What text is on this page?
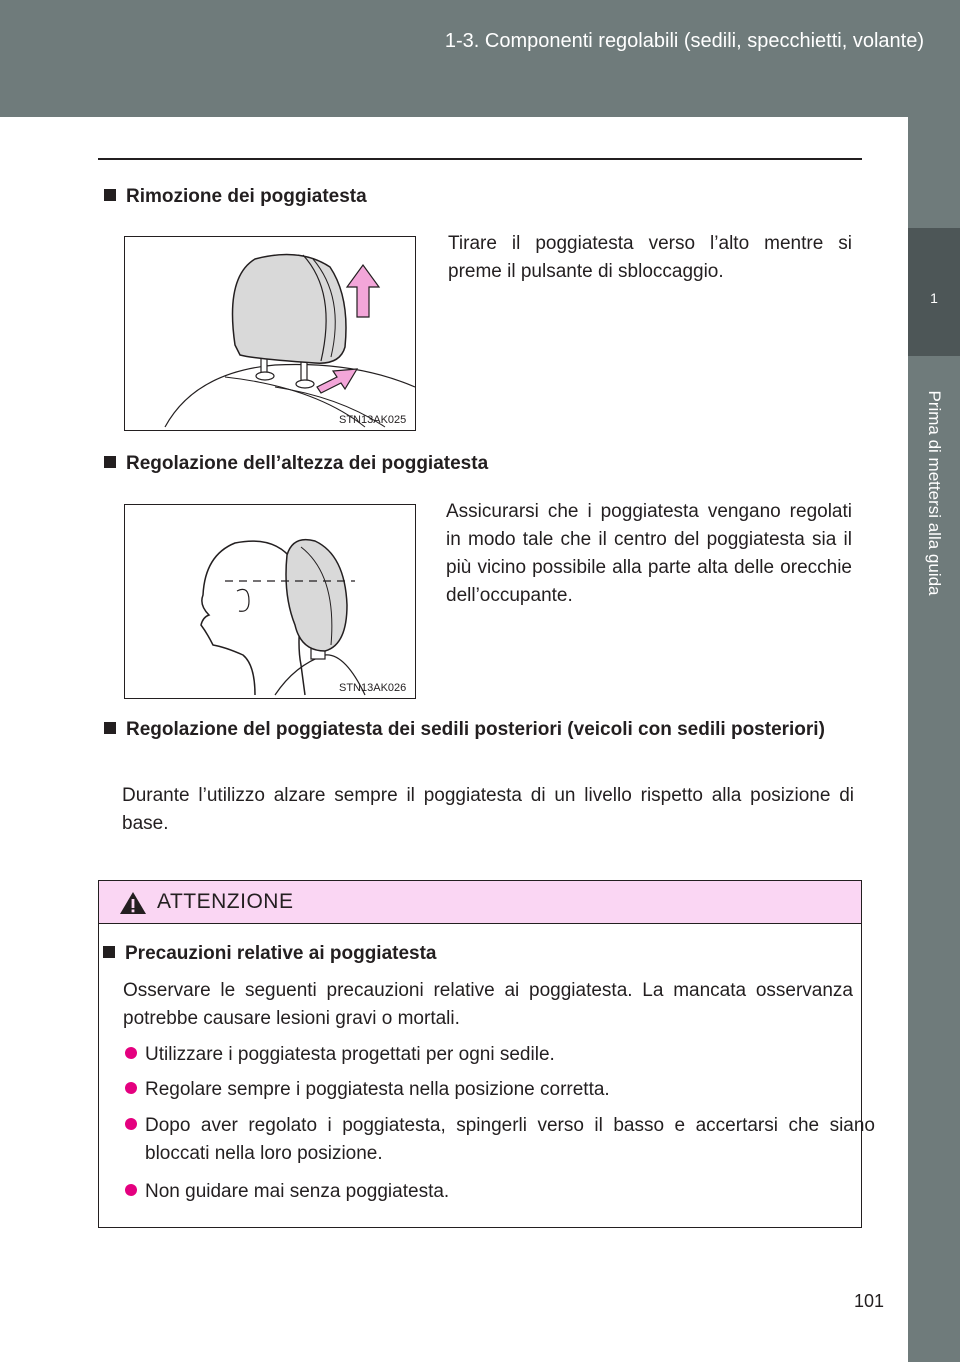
1-3. Componenti regolabili (sedili, specchietti, volante)
1
Prima di mettersi alla guida
Rimozione dei poggiatesta
STN13AK025
Tirare il poggiatesta verso l’alto mentre si preme il pulsante di sbloccaggio.
Regolazione dell’altezza dei poggiatesta
STN13AK026
Assicurarsi che i poggiatesta vengano regolati in modo tale che il centro del poggiatesta sia il più vicino possibile alla parte alta delle orecchie dell’occupante.
Regolazione del poggiatesta dei sedili posteriori (veicoli con sedili posteriori)
Durante l’utilizzo alzare sempre il poggiatesta di un livello rispetto alla posizione di base.
ATTENZIONE
Precauzioni relative ai poggiatesta
Osservare le seguenti precauzioni relative ai poggiatesta. La mancata osservanza potrebbe causare lesioni gravi o mortali.
Utilizzare i poggiatesta progettati per ogni sedile.
Regolare sempre i poggiatesta nella posizione corretta.
Dopo aver regolato i poggiatesta, spingerli verso il basso e accertarsi che siano bloccati nella loro posizione.
Non guidare mai senza poggiatesta.
101
